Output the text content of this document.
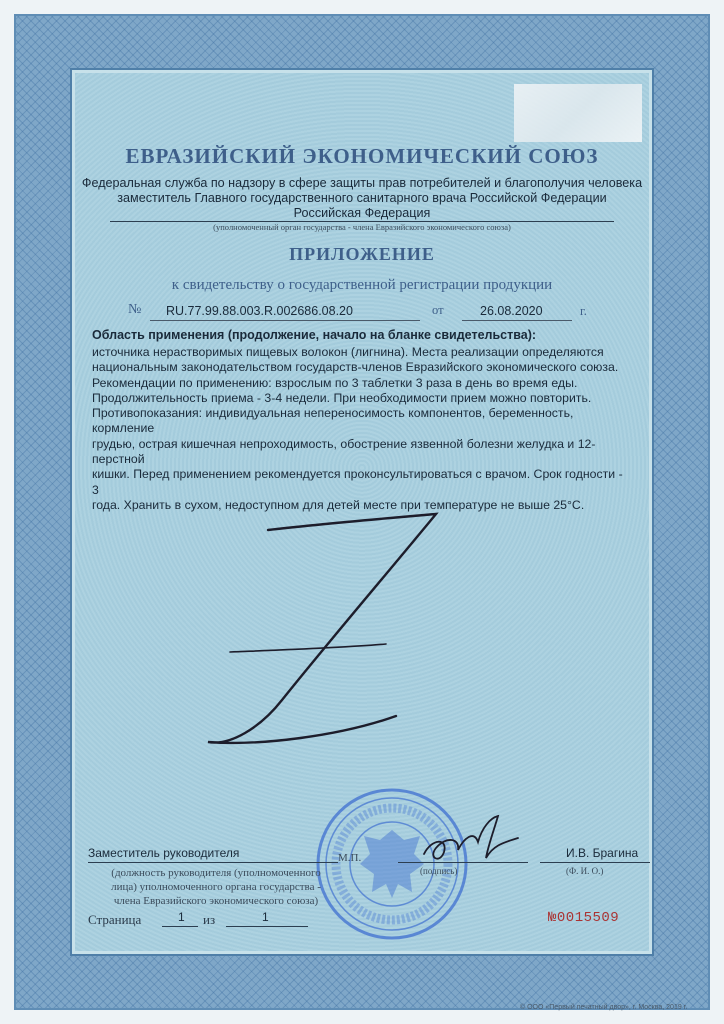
ЕВРАЗИЙСКИЙ ЭКОНОМИЧЕСКИЙ СОЮЗ
Федеральная служба по надзору в сфере защиты прав потребителей и благополучия человека
заместитель Главного государственного санитарного врача Российской Федерации
Российская Федерация
(уполномоченный орган государства - члена Евразийского экономического союза)
ПРИЛОЖЕНИЕ
к свидетельству о государственной регистрации продукции
№ RU.77.99.88.003.R.002686.08.20	от	26.08.2020	г.
Область применения (продолжение, начало на бланке свидетельства):
источника нерастворимых пищевых волокон (лигнина). Места реализации определяются
национальным законодательством государств-членов Евразийского экономического союза.
Рекомендации по применению: взрослым по 3 таблетки 3 раза в день во время еды.
Продолжительность приема - 3-4 недели. При необходимости прием можно повторить.
Противопоказания: индивидуальная непереносимость компонентов, беременность, кормление
грудью, острая кишечная непроходимость, обострение язвенной болезни желудка и 12-перстной
кишки. Перед применением рекомендуется проконсультироваться с врачом. Срок годности - 3
года. Хранить в сухом, недоступном для детей месте при температуре не выше 25°С.
Заместитель руководителя
(должность руководителя (уполномоченного
лица) уполномоченного органа государства -
члена Евразийского экономического союза)
М.П.
(подпись)
И.В. Брагина
(Ф. И. О.)
Страница	1 из	1	№0015509
© ООО «Первый печатный двор», г. Москва, 2019 г.
